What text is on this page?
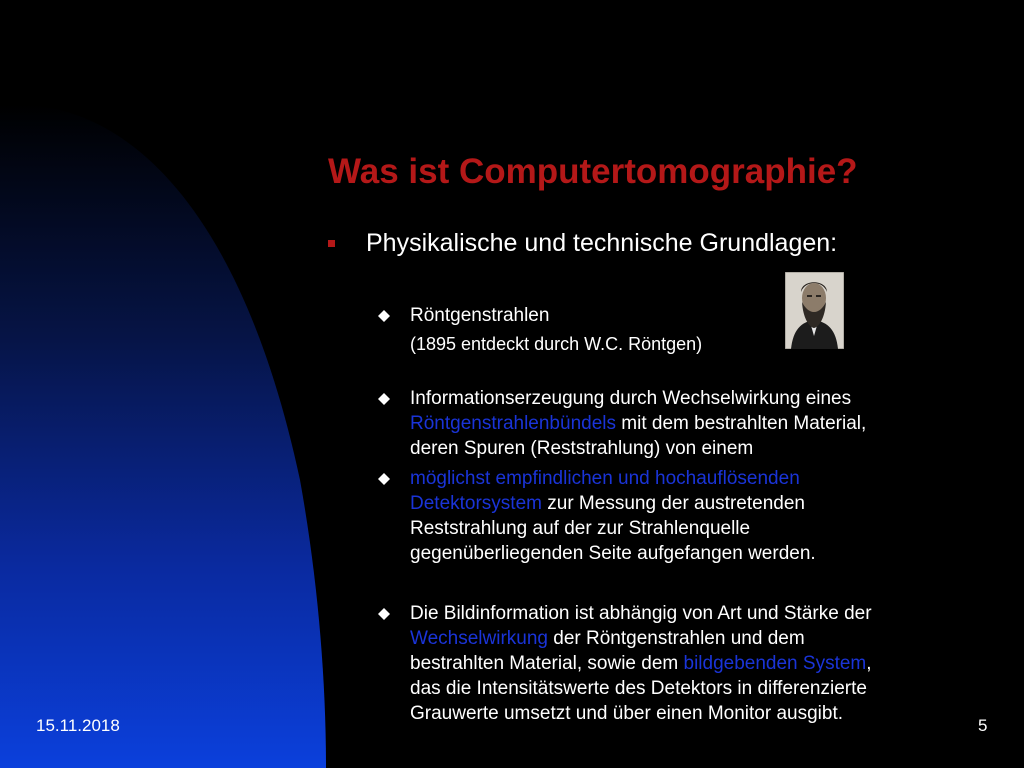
Was ist Computertomographie?
Physikalische und technische Grundlagen:
Röntgenstrahlen
(1895 entdeckt durch W.C. Röntgen)
Informationserzeugung durch Wechselwirkung eines
Röntgenstrahlenbündels mit dem bestrahlten Material,
deren Spuren (Reststrahlung) von einem
möglichst empfindlichen und hochauflösenden
Detektorsystem zur Messung der austretenden
Reststrahlung auf der zur Strahlenquelle
gegenüberliegenden Seite aufgefangen werden.
Die Bildinformation ist abhängig von Art und Stärke der
Wechselwirkung der Röntgenstrahlen und dem
bestrahlten Material, sowie dem bildgebenden System,
das die Intensitätswerte des Detektors in differenzierte
Grauwerte umsetzt und über einen Monitor ausgibt.
15.11.2018	5
